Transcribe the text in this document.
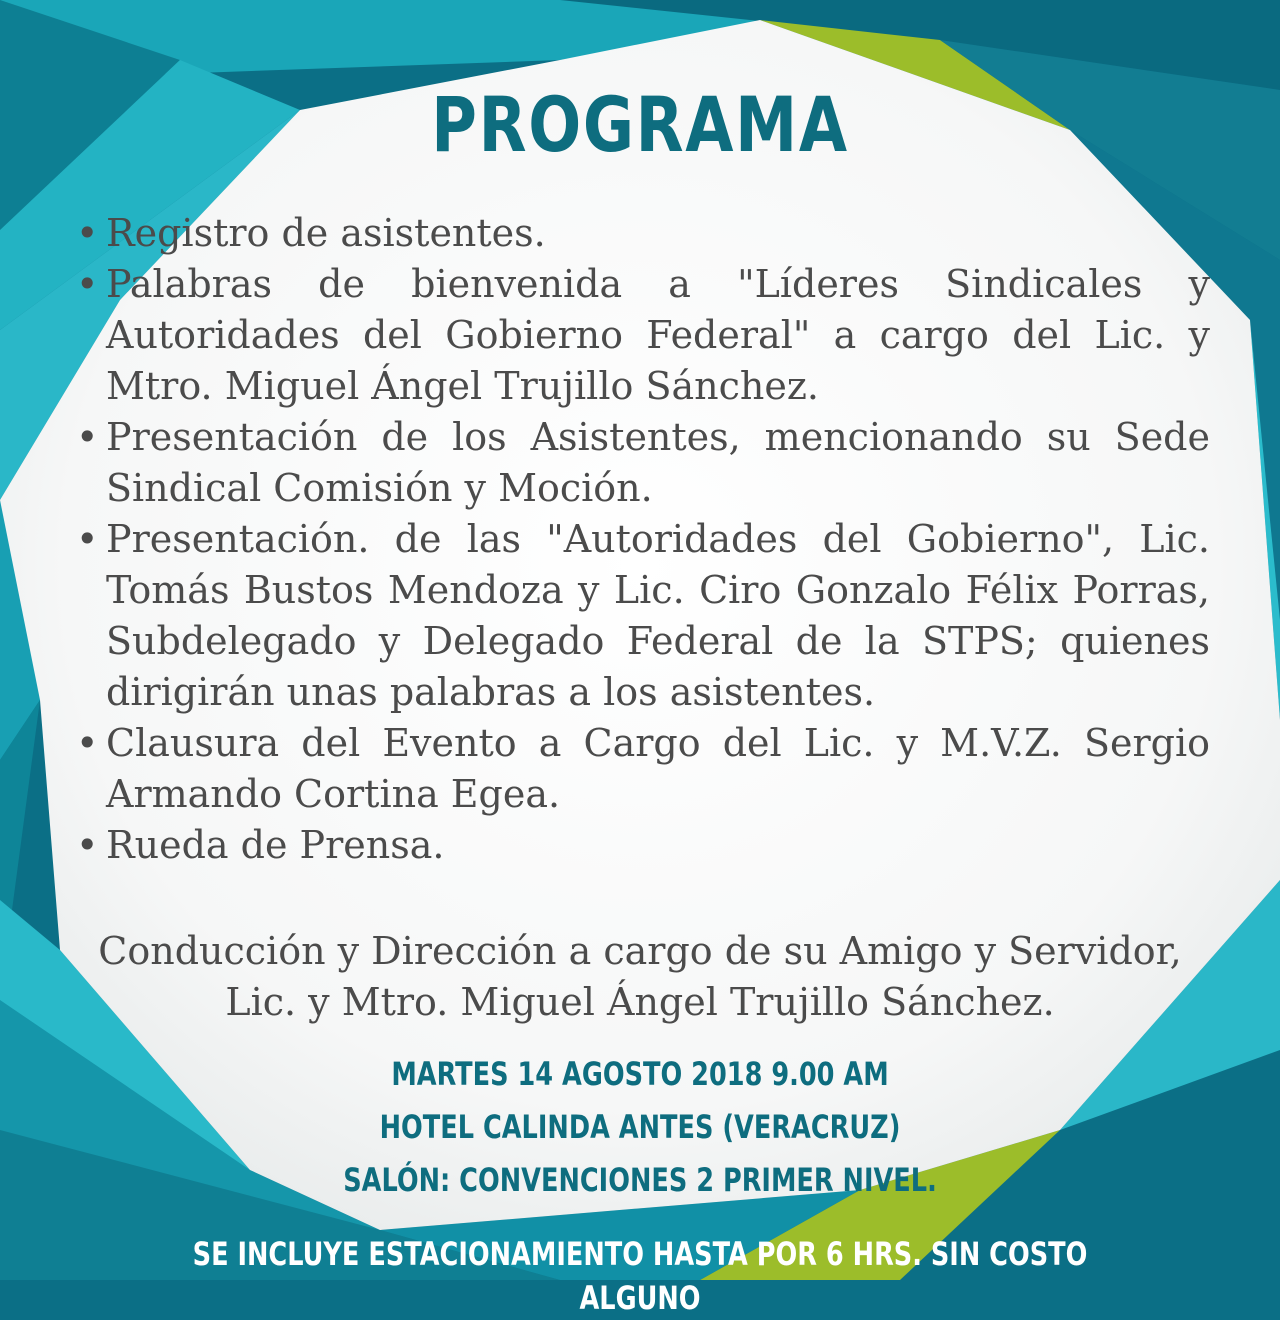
PROGRAMA
• Registro de asistentes.
• Palabras de bienvenida a "Líderes Sindicales y Autoridades del Gobierno Federal" a cargo del Lic. y Mtro. Miguel Ángel Trujillo Sánchez.
• Presentación de los Asistentes, mencionando su Sede Sindical Comisión y Moción.
• Presentación. de las "Autoridades del Gobierno", Lic. Tomás Bustos Mendoza y Lic. Ciro Gonzalo Félix Porras, Subdelegado y Delegado Federal de la STPS; quienes dirigirán unas palabras a los asistentes.
• Clausura del Evento a Cargo del Lic. y M.V.Z. Sergio Armando Cortina Egea.
• Rueda de Prensa.

Conducción y Dirección a cargo de su Amigo y Servidor,
Lic. y Mtro. Miguel Ángel Trujillo Sánchez.

MARTES 14 AGOSTO 2018 9.00 AM
HOTEL CALINDA ANTES (VERACRUZ)
SALÓN: CONVENCIONES 2 PRIMER NIVEL.

SE INCLUYE ESTACIONAMIENTO HASTA POR 6 HRS. SIN COSTO ALGUNO
